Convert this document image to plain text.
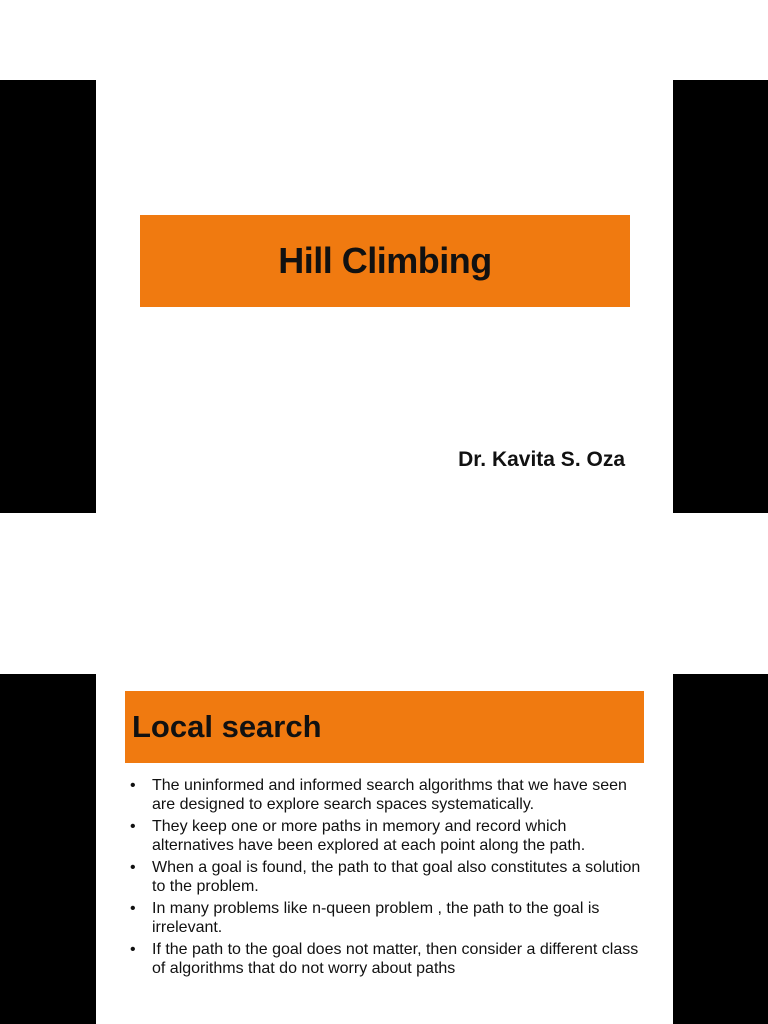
Hill Climbing
Dr. Kavita S. Oza
Local search
• The uninformed and informed search algorithms that we have seen are designed to explore search spaces systematically.
• They keep one or more paths in memory and record which alternatives have been explored at each point along the path.
• When a goal is found, the path to that goal also constitutes a solution to the problem.
• In many problems like n-queen problem , the path to the goal is irrelevant.
• If the path to the goal does not matter, then consider a different class of algorithms that do not worry about paths
